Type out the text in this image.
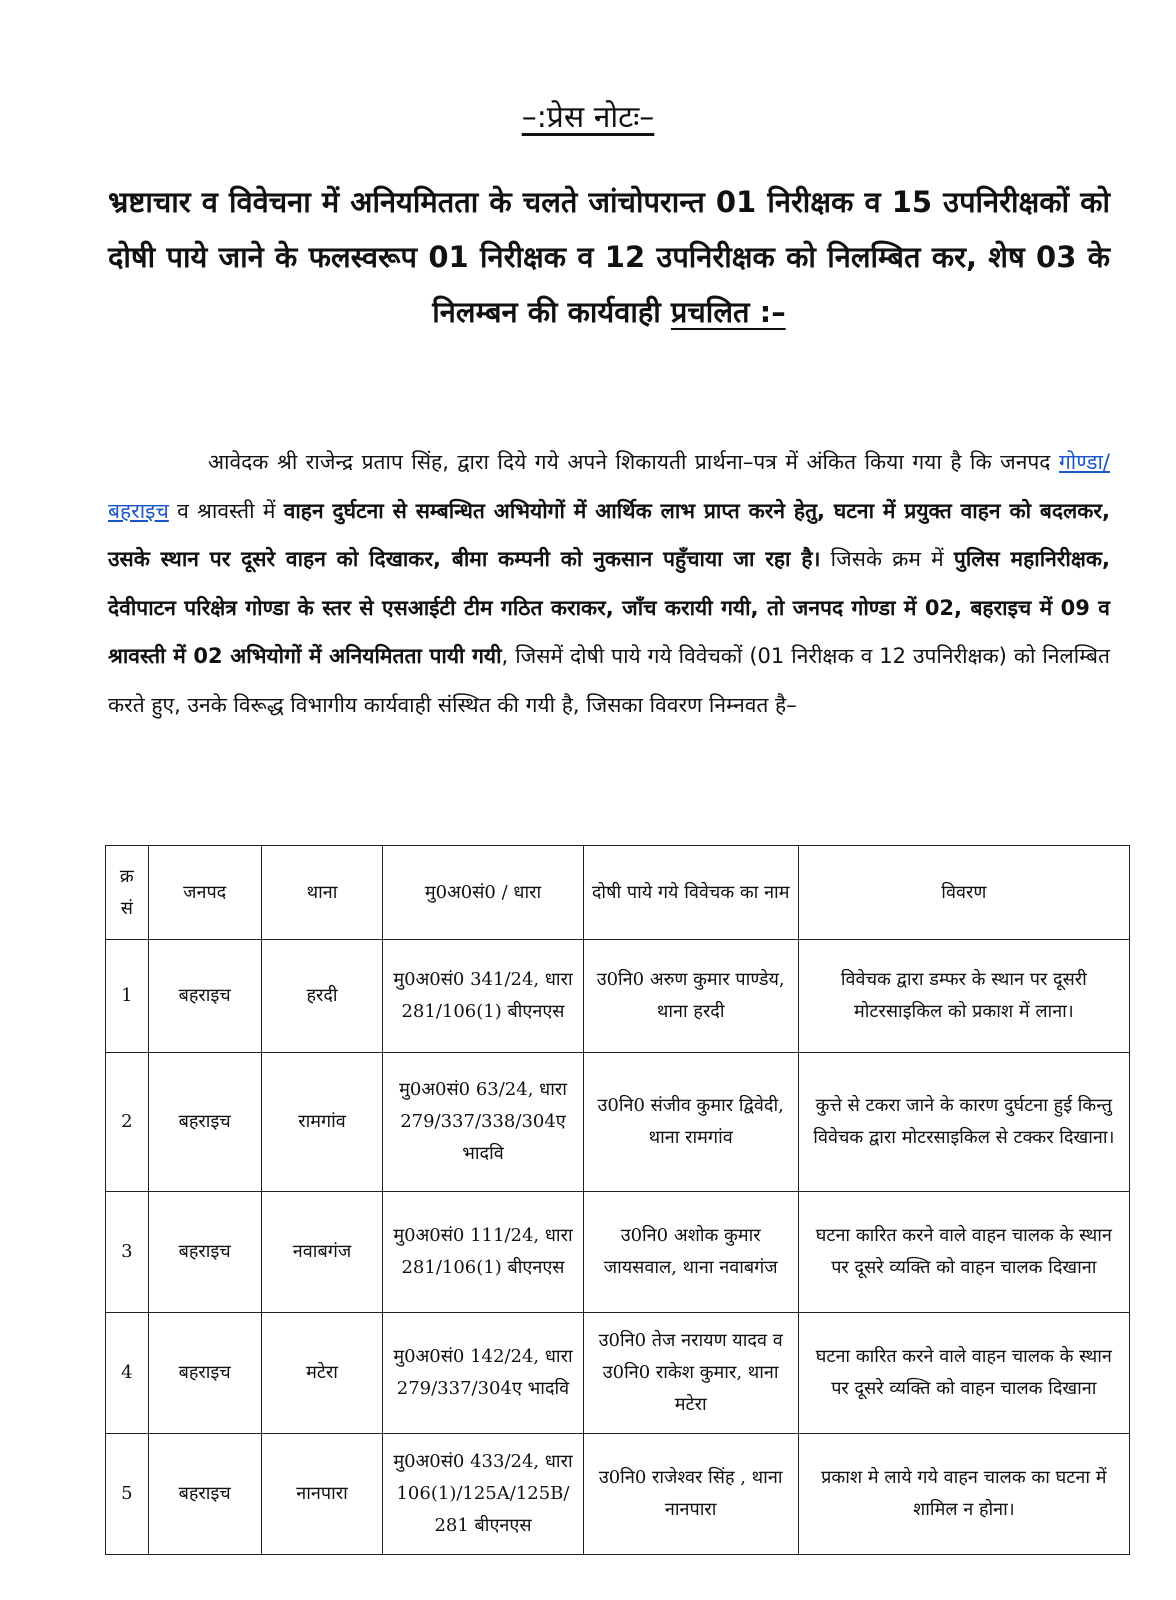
–:प्रेस नोटः–
भ्रष्टाचार व विवेचना में अनियमितता के चलते जांचोपरान्त 01 निरीक्षक व 15 उपनिरीक्षकों को दोषी पाये जाने के फलस्वरूप 01 निरीक्षक व 12 उपनिरीक्षक को निलम्बित कर, शेष 03 के निलम्बन की कार्यवाही प्रचलित :–
आवेदक श्री राजेन्द्र प्रताप सिंह, द्वारा दिये गये अपने शिकायती प्रार्थना–पत्र में अंकित किया गया है कि जनपद गोण्डा/बहराइच व श्रावस्ती में वाहन दुर्घटना से सम्बन्धित अभियोगों में आर्थिक लाभ प्राप्त करने हेतु, घटना में प्रयुक्त वाहन को बदलकर, उसके स्थान पर दूसरे वाहन को दिखाकर, बीमा कम्पनी को नुकसान पहुँचाया जा रहा है। जिसके क्रम में पुलिस महानिरीक्षक, देवीपाटन परिक्षेत्र गोण्डा के स्तर से एसआईटी टीम गठित कराकर, जाँच करायी गयी, तो जनपद गोण्डा में 02, बहराइच में 09 व श्रावस्ती में 02 अभियोगों में अनियमितता पायी गयी, जिसमें दोषी पाये गये विवेचकों (01 निरीक्षक व 12 उपनिरीक्षक) को निलम्बित करते हुए, उनके विरूद्ध विभागीय कार्यवाही संस्थित की गयी है, जिसका विवरण निम्नवत है–
क्र सं	जनपद	थाना	मु0अ0सं0 / धारा	दोषी पाये गये विवेचक का नाम	विवरण
1	बहराइच	हरदी	मु0अ0सं0 341/24, धारा 281/106(1) बीएनएस	उ0नि0 अरुण कुमार पाण्डेय, थाना हरदी	विवेचक द्वारा डम्फर के स्थान पर दूसरी मोटरसाइकिल को प्रकाश में लाना।
2	बहराइच	रामगांव	मु0अ0सं0 63/24, धारा 279/337/338/304ए भादवि	उ0नि0 संजीव कुमार द्विवेदी, थाना रामगांव	कुत्ते से टकरा जाने के कारण दुर्घटना हुई किन्तु विवेचक द्वारा मोटरसाइकिल से टक्कर दिखाना।
3	बहराइच	नवाबगंज	मु0अ0सं0 111/24, धारा 281/106(1) बीएनएस	उ0नि0 अशोक कुमार जायसवाल, थाना नवाबगंज	घटना कारित करने वाले वाहन चालक के स्थान पर दूसरे व्यक्ति को वाहन चालक दिखाना
4	बहराइच	मटेरा	मु0अ0सं0 142/24, धारा 279/337/304ए भादवि	उ0नि0 तेज नरायण यादव व उ0नि0 राकेश कुमार, थाना मटेरा	घटना कारित करने वाले वाहन चालक के स्थान पर दूसरे व्यक्ति को वाहन चालक दिखाना
5	बहराइच	नानपारा	मु0अ0सं0 433/24, धारा 106(1)/125A/125B/ 281 बीएनएस	उ0नि0 राजेश्वर सिंह , थाना नानपारा	प्रकाश मे लाये गये वाहन चालक का घटना में शामिल न होना।
